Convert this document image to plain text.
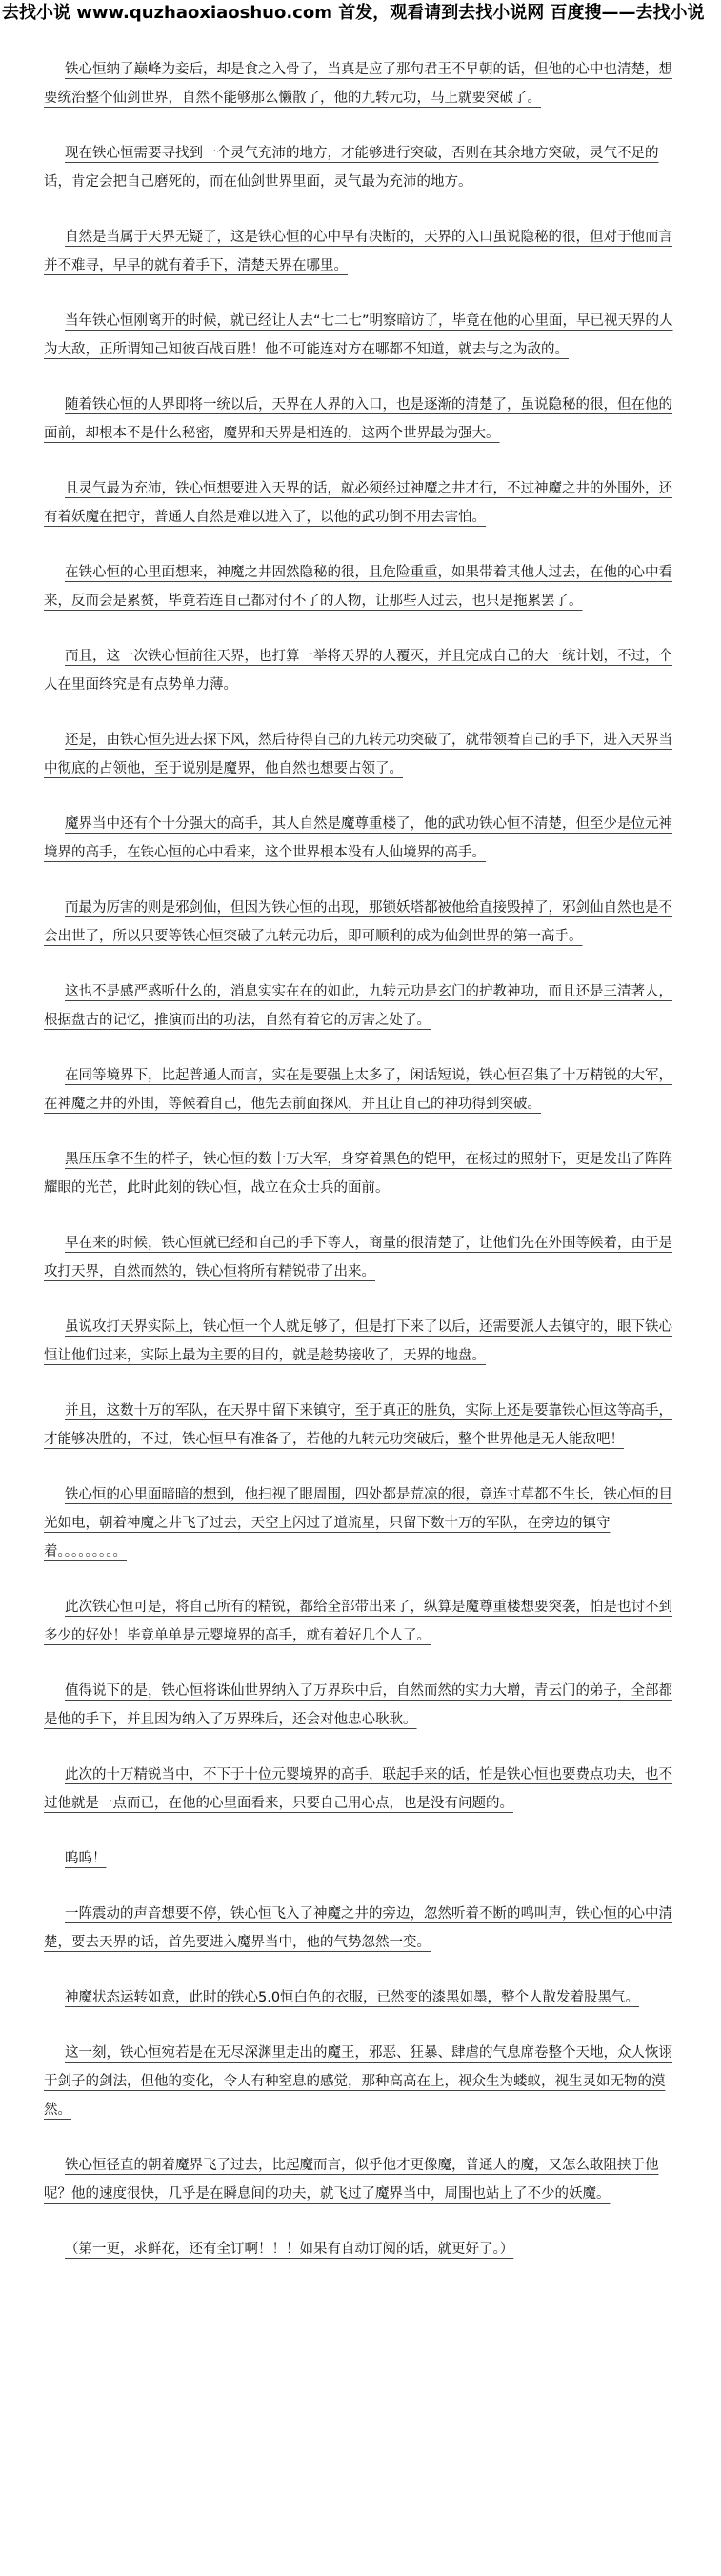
去找小说 www.quzhaoxiaoshuo.com 首发，观看请到去找小说网 百度搜——去找小说

铁心恒纳了巅峰为妾后，却是食之入骨了，当真是应了那句君王不早朝的话，但他的心中也清楚，想要统治整个仙剑世界，自然不能够那么懒散了，他的九转元功，马上就要突破了。

现在铁心恒需要寻找到一个灵气充沛的地方，才能够进行突破，否则在其余地方突破，灵气不足的话，肯定会把自己磨死的，而在仙剑世界里面，灵气最为充沛的地方。

自然是当属于天界无疑了，这是铁心恒的心中早有决断的，天界的入口虽说隐秘的很，但对于他而言并不难寻，早早的就有着手下，清楚天界在哪里。

当年铁心恒刚离开的时候，就已经让人去“七二七”明察暗访了，毕竟在他的心里面，早已视天界的人为大敌，正所谓知己知彼百战百胜！他不可能连对方在哪都不知道，就去与之为敌的。

随着铁心恒的人界即将一统以后，天界在人界的入口，也是逐渐的清楚了，虽说隐秘的很，但在他的面前，却根本不是什么秘密，魔界和天界是相连的，这两个世界最为强大。

且灵气最为充沛，铁心恒想要进入天界的话，就必须经过神魔之井才行，不过神魔之井的外围外，还有着妖魔在把守，普通人自然是难以进入了，以他的武功倒不用去害怕。

在铁心恒的心里面想来，神魔之井固然隐秘的很，且危险重重，如果带着其他人过去，在他的心中看来，反而会是累赘，毕竟若连自己都对付不了的人物，让那些人过去，也只是拖累罢了。

而且，这一次铁心恒前往天界，也打算一举将天界的人覆灭，并且完成自己的大一统计划，不过，个人在里面终究是有点势单力薄。

还是，由铁心恒先进去探下风，然后待得自己的九转元功突破了，就带领着自己的手下，进入天界当中彻底的占领他，至于说别是魔界，他自然也想要占领了。

魔界当中还有个十分强大的高手，其人自然是魔尊重楼了，他的武功铁心恒不清楚，但至少是位元神境界的高手，在铁心恒的心中看来，这个世界根本没有人仙境界的高手。

而最为厉害的则是邪剑仙，但因为铁心恒的出现，那锁妖塔都被他给直接毁掉了，邪剑仙自然也是不会出世了，所以只要等铁心恒突破了九转元功后，即可顺利的成为仙剑世界的第一高手。

这也不是感严惑听什么的，消息实实在在的如此，九转元功是玄门的护教神功，而且还是三清著人，根据盘古的记忆，推演而出的功法，自然有着它的厉害之处了。

在同等境界下，比起普通人而言，实在是要强上太多了，闲话短说，铁心恒召集了十万精锐的大军，在神魔之井的外围，等候着自己，他先去前面探风，并且让自己的神功得到突破。

黑压压拿不生的样子，铁心恒的数十万大军，身穿着黑色的铠甲，在杨过的照射下，更是发出了阵阵耀眼的光芒，此时此刻的铁心恒，战立在众士兵的面前。

早在来的时候，铁心恒就已经和自己的手下等人，商量的很清楚了，让他们先在外围等候着，由于是攻打天界，自然而然的，铁心恒将所有精锐带了出来。

虽说攻打天界实际上，铁心恒一个人就足够了，但是打下来了以后，还需要派人去镇守的，眼下铁心恒让他们过来，实际上最为主要的目的，就是趁势接收了，天界的地盘。

并且，这数十万的军队，在天界中留下来镇守，至于真正的胜负，实际上还是要靠铁心恒这等高手，才能够决胜的，不过，铁心恒早有准备了，若他的九转元功突破后，整个世界他是无人能敌吧！

铁心恒的心里面暗暗的想到，他扫视了眼周围，四处都是荒凉的很，竟连寸草都不生长，铁心恒的目光如电，朝着神魔之井飞了过去，天空上闪过了道流星，只留下数十万的军队，在旁边的镇守着。。。。。。。。。

此次铁心恒可是，将自己所有的精锐，都给全部带出来了，纵算是魔尊重楼想要突袭，怕是也讨不到多少的好处！毕竟单单是元婴境界的高手，就有着好几个人了。

值得说下的是，铁心恒将诛仙世界纳入了万界珠中后，自然而然的实力大增，青云门的弟子，全部都是他的手下，并且因为纳入了万界珠后，还会对他忠心耿耿。

此次的十万精锐当中，不下于十位元婴境界的高手，联起手来的话，怕是铁心恒也要费点功夫，也不过他就是一点而已，在他的心里面看来，只要自己用心点，也是没有问题的。

呜呜！

一阵震动的声音想要不停，铁心恒飞入了神魔之井的旁边，忽然听着不断的鸣叫声，铁心恒的心中清楚，要去天界的话，首先要进入魔界当中，他的气势忽然一变。

神魔状态运转如意，此时的铁心5.0恒白色的衣服，已然变的漆黑如墨，整个人散发着股黑气。

这一刻，铁心恒宛若是在无尽深渊里走出的魔王，邪恶、狂暴、肆虐的气息席卷整个天地，众人恢诩于剑子的剑法，但他的变化，令人有种窒息的感觉，那种高高在上，视众生为蝼蚁，视生灵如无物的漠然。

铁心恒径直的朝着魔界飞了过去，比起魔而言，似乎他才更像魔，普通人的魔，又怎么敢阻挟于他呢？他的速度很快，几乎是在瞬息间的功夫，就飞过了魔界当中，周围也站上了不少的妖魔。

（第一更，求鲜花，还有全订啊！！！如果有自动订阅的话，就更好了。）
